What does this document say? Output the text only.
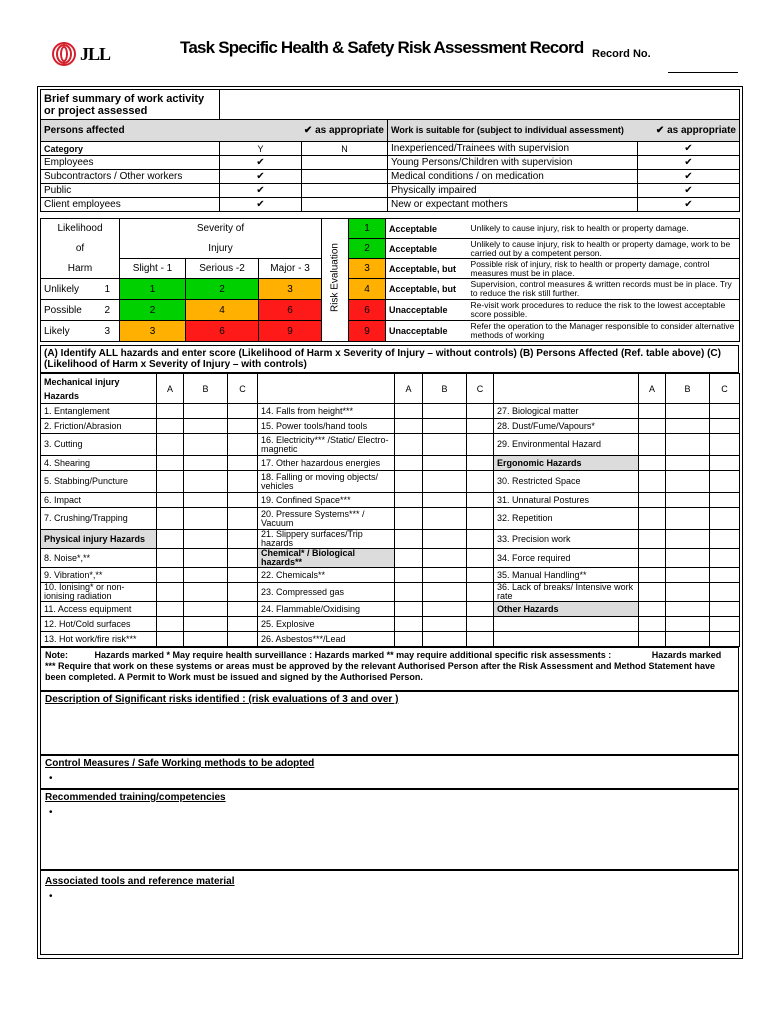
JLL	Task Specific Health & Safety Risk Assessment Record Record No.
Brief summary of work activity or project assessed				
Persons affected	✔ as appropriate		Work is suitable for (subject to individual assessment)	✔ as appropriate
Category	Y	N	Inexperienced/Trainees with supervision	✔
Employees	✔		Young Persons/Children with supervision	✔
Subcontractors / Other workers	✔		Medical conditions / on medication	✔
Public	✔		Physically impaired	✔
Client employees	✔		New or expectant mothers	✔
Likelihood		Severity of			Risk Evaluation	1	Acceptable	Unlikely to cause injury, risk to health or property damage.
of		Injury				2	Acceptable	Unlikely to cause injury, risk to health or property damage, work to be carried out by a competent person.
Harm		Slight - 1	Serious -2	Major - 3		3	Acceptable, but	Possible risk of injury, risk to health or property damage, control measures must be in place.
Unlikely	1	1	2	3		4	Acceptable, but	Supervision, control measures & written records must be in place. Try to reduce the risk still further.
Possible	2	2	4	6		6	Unacceptable	Re-visit work procedures to reduce the risk to the lowest acceptable score possible.
Likely	3	3	6	9		9	Unacceptable	Refer the operation to the Manager responsible to consider alternative methods of working
(A) Identify ALL hazards and enter score (Likelihood of Harm x Severity of Injury – without controls) (B) Persons Affected (Ref. table above) (C) (Likelihood of Harm x Severity of Injury – with controls)
Mechanical injury Hazards	A	B	C		A	B	C		A	B	C
1. Entanglement				14. Falls from height***				27. Biological matter			
2. Friction/Abrasion				15. Power tools/hand tools				28. Dust/Fume/Vapours*			
3. Cutting				16. Electricity*** /Static/ Electro-magnetic				29. Environmental Hazard			
4. Shearing				17. Other hazardous energies				Ergonomic Hazards			
5. Stabbing/Puncture				18. Falling or moving objects/ vehicles				30. Restricted Space			
6. Impact				19. Confined Space***				31. Unnatural Postures			
7. Crushing/Trapping				20. Pressure Systems*** / Vacuum				32. Repetition			
Physical injury Hazards				21. Slippery surfaces/Trip hazards				33. Precision work			
8. Noise*,**				Chemical* / Biological hazards**				34. Force required			
9. Vibration*,**				22. Chemicals**				35. Manual Handling**			
10. Ionising* or non-ionising radiation				23. Compressed gas				36. Lack of breaks/ Intensive work rate			
11. Access equipment				24. Flammable/Oxidising				Other Hazards			
12. Hot/Cold surfaces				25. Explosive							
13. Hot work/fire risk***				26. Asbestos***/Lead							
Note:	Hazards marked * May require health surveillance : Hazards marked ** may require additional specific risk assessments :	Hazards marked *** Require that work on these systems or areas must be approved by the relevant Authorised Person after the Risk Assessment and Method Statement have been completed. A Permit to Work must be issued and signed by the Authorised Person.
Description of Significant risks identified : (risk evaluations of 3 and over )
Control Measures / Safe Working methods to be adopted
•
Recommended training/competencies
•
Associated tools and reference material
•
